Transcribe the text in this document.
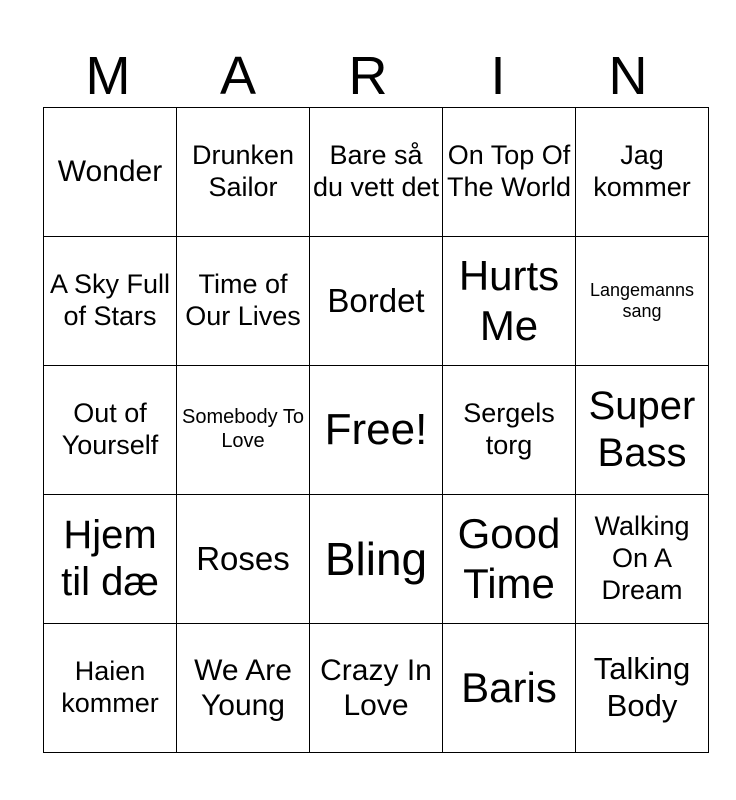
M	A	R	I	N
Wonder	Drunken Sailor	Bare så du vett det	On Top Of The World	Jag kommer
A Sky Full of Stars	Time of Our Lives	Bordet	Hurts Me	Langemanns sang
Out of Yourself	Somebody To Love	Free!	Sergels torg	Super Bass
Hjem til dæ	Roses	Bling	Good Time	Walking On A Dream
Haien kommer	We Are Young	Crazy In Love	Baris	Talking Body
